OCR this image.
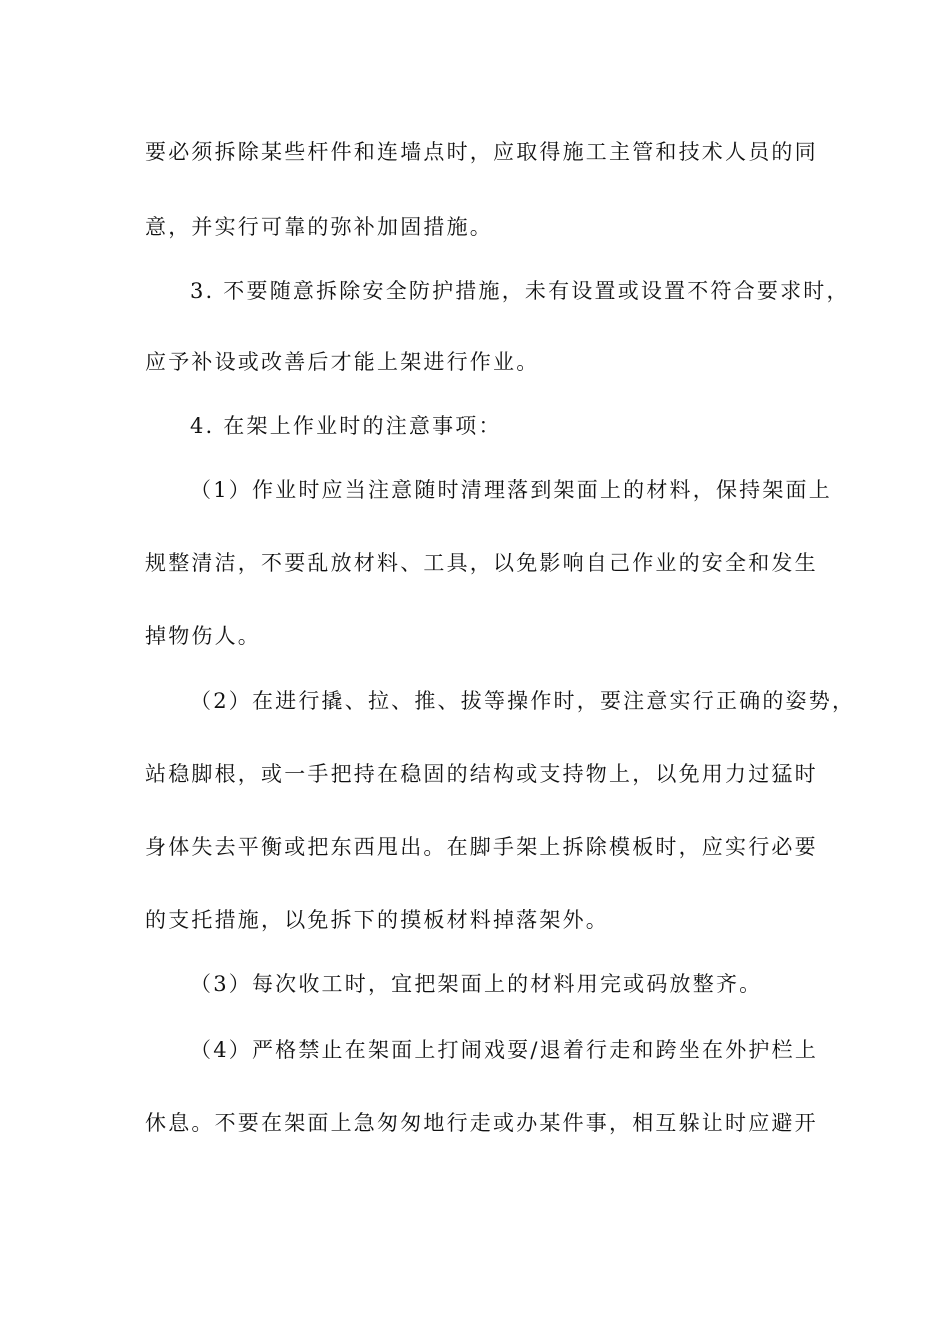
要必须拆除某些杆件和连墙点时，应取得施工主管和技术人员的同
意，并实行可靠的弥补加固措施。
3. 不要随意拆除安全防护措施，未有设置或设置不符合要求时，
应予补设或改善后才能上架进行作业。
4. 在架上作业时的注意事项：
（1）作业时应当注意随时清理落到架面上的材料，保持架面上
规整清洁，不要乱放材料、工具，以免影响自己作业的安全和发生
掉物伤人。
（2）在进行撬、拉、推、拔等操作时，要注意实行正确的姿势，
站稳脚根，或一手把持在稳固的结构或支持物上，以免用力过猛时
身体失去平衡或把东西甩出。在脚手架上拆除模板时，应实行必要
的支托措施，以免拆下的摸板材料掉落架外。
（3）每次收工时，宜把架面上的材料用完或码放整齐。
（4）严格禁止在架面上打闹戏耍/退着行走和跨坐在外护栏上
休息。不要在架面上急匆匆地行走或办某件事，相互躲让时应避开
